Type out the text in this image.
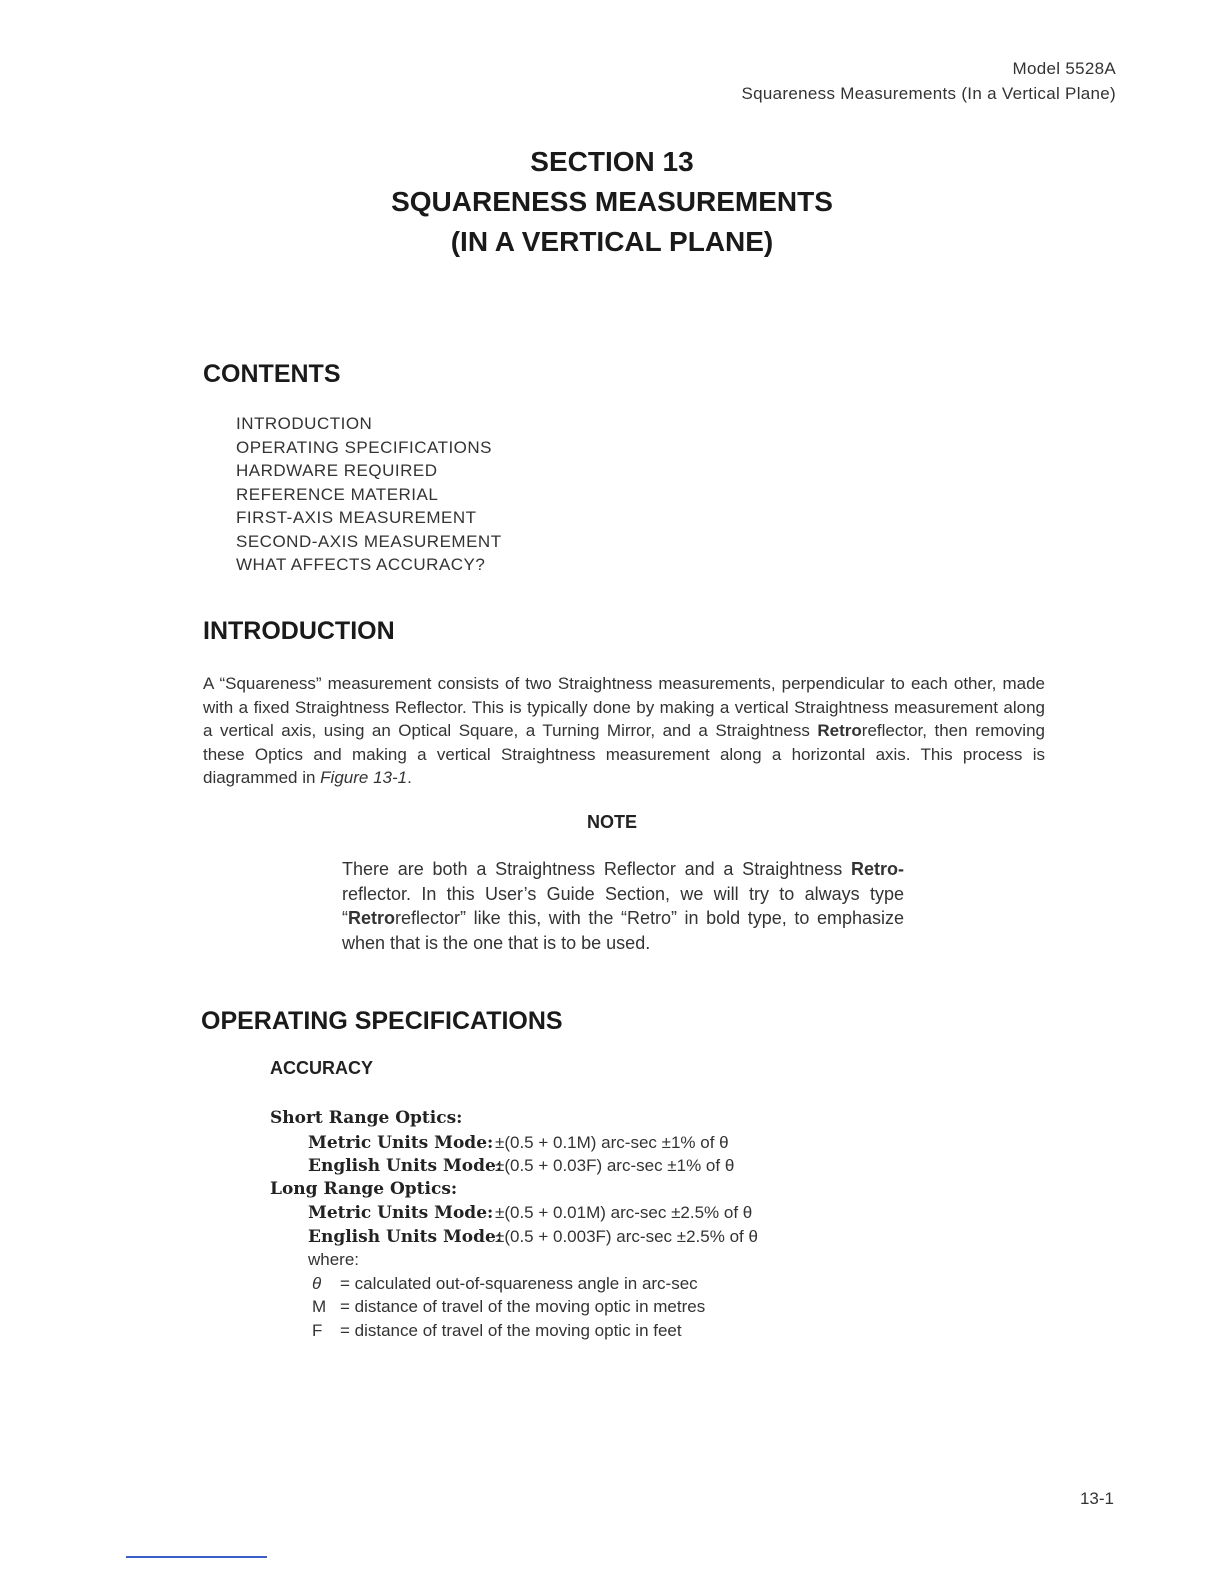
Model 5528A
Squareness Measurements (In a Vertical Plane)
SECTION 13
SQUARENESS MEASUREMENTS
(IN A VERTICAL PLANE)
CONTENTS
INTRODUCTION
OPERATING SPECIFICATIONS
HARDWARE REQUIRED
REFERENCE MATERIAL
FIRST-AXIS MEASUREMENT
SECOND-AXIS MEASUREMENT
WHAT AFFECTS ACCURACY?
INTRODUCTION

A “Squareness” measurement consists of two Straightness measurements, perpendicular to each other, made with a fixed Straightness Reflector. This is typically done by making a vertical Straightness measurement along a vertical axis, using an Optical Square, a Turning Mirror, and a Straightness Retroreflector, then removing these Optics and making a vertical Straightness measurement along a horizontal axis. This process is diagrammed in Figure 13-1.

NOTE

There are both a Straightness Reflector and a Straightness Retro- reflector. In this User’s Guide Section, we will try to always type “Retroreflector” like this, with the “Retro” in bold type, to emphasize when that is the one that is to be used.

OPERATING SPECIFICATIONS
ACCURACY
Short Range Optics:
Metric Units Mode: ±(0.5 + 0.1M) arc-sec ±1% of θ
English Units Mode:±(0.5 + 0.03F) arc-sec ±1% of θ
Long Range Optics:
Metric Units Mode: ±(0.5 + 0.01M) arc-sec ±2.5% of θ
English Units Mode:±(0.5 + 0.003F) arc-sec ±2.5% of θ
where:
θ = calculated out-of-squareness angle in arc-sec
M = distance of travel of the moving optic in metres
F = distance of travel of the moving optic in feet
13-1
